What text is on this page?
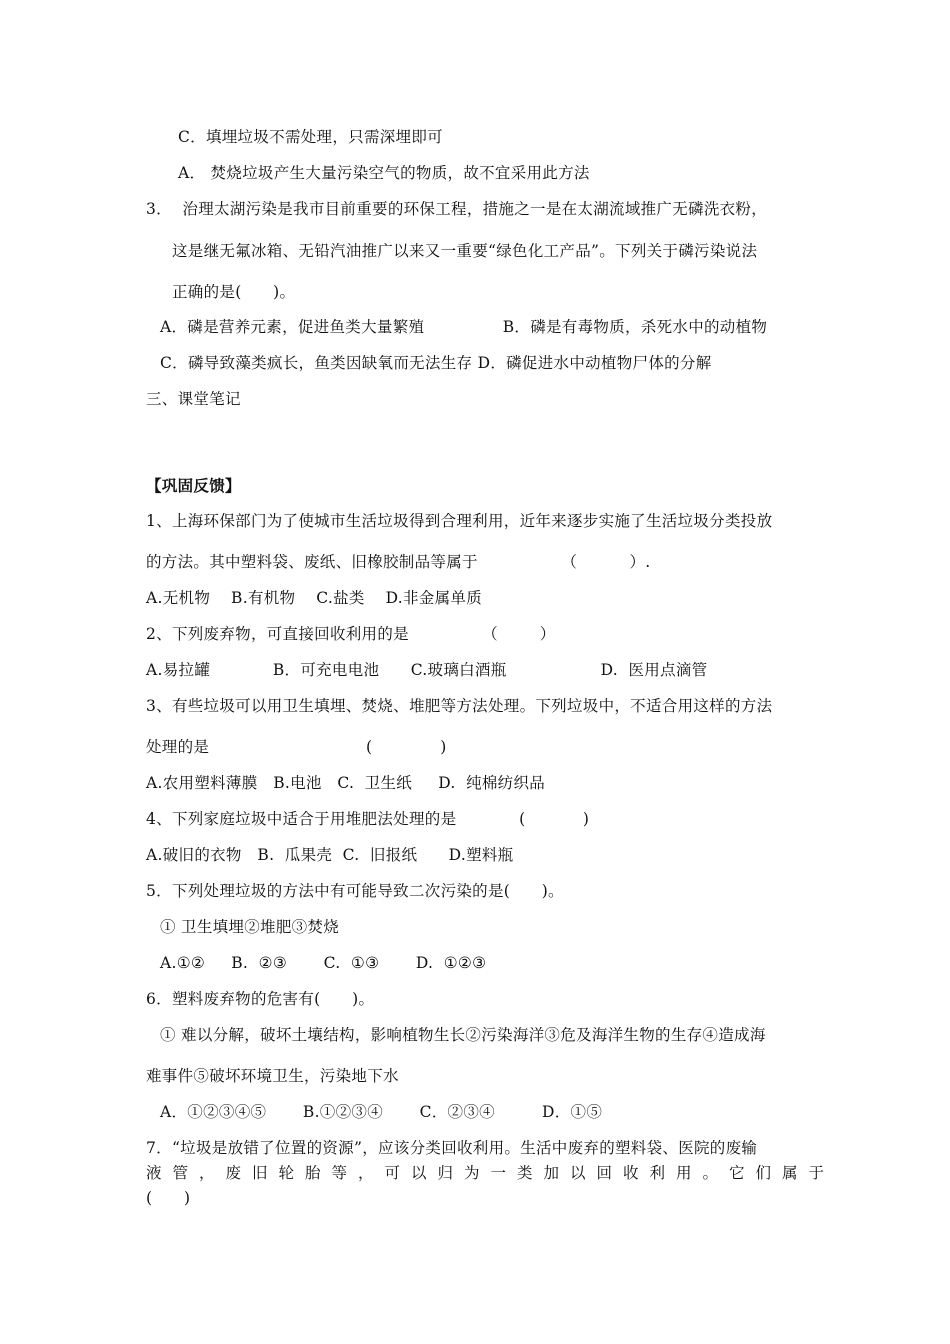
C．填埋垃圾不需处理，只需深埋即可
A． 焚烧垃圾产生大量污染空气的物质，故不宜采用此方法
3．  治理太湖污染是我市目前重要的环保工程，措施之一是在太湖流域推广无磷洗衣粉，
这是继无氟冰箱、无铅汽油推广以来又一重要“绿色化工产品”。下列关于磷污染说法
正确的是(　　)。
A．磷是营养元素，促进鱼类大量繁殖               B．磷是有毒物质，杀死水中的动植物
C．磷导致藻类疯长，鱼类因缺氧而无法生存 D．磷促进水中动植物尸体的分解
三、课堂笔记
【巩固反馈】
1、上海环保部门为了使城市生活垃圾得到合理利用，近年来逐步实施了生活垃圾分类投放
的方法。其中塑料袋、废纸、旧橡胶制品等属于                （          ）.
A.无机物    B.有机物    C.盐类    D.非金属单质
2、下列废弃物，可直接回收利用的是              （        ）
A.易拉罐            B．可充电电池      C.玻璃白酒瓶                  D.  医用点滴管
3、有些垃圾可以用卫生填埋、焚烧、堆肥等方法处理。下列垃圾中，不适合用这样的方法
处理的是                              (             )
A.农用塑料薄膜   B.电池   C.  卫生纸     D.  纯棉纺织品
4、下列家庭垃圾中适合于用堆肥法处理的是            (           )
A.破旧的衣物   B.  瓜果壳  C.  旧报纸      D.塑料瓶
5．下列处理垃圾的方法中有可能导致二次污染的是(　　)。
① 卫生填埋②堆肥③焚烧
A.①②     B.  ②③       C.  ①③       D.  ①②③
6．塑料废弃物的危害有(　　)。
① 难以分解，破坏土壤结构，影响植物生长②污染海洋③危及海洋生物的生存④造成海
难事件⑤破坏环境卫生，污染地下水
A．①②③④⑤       B.①②③④       C．②③④         D．①⑤
7．“垃圾是放错了位置的资源”，应该分类回收利用。生活中废弃的塑料袋、医院的废输
液管，废旧轮胎等，可以归为一类加以回收利用。它们属于
(　　)
